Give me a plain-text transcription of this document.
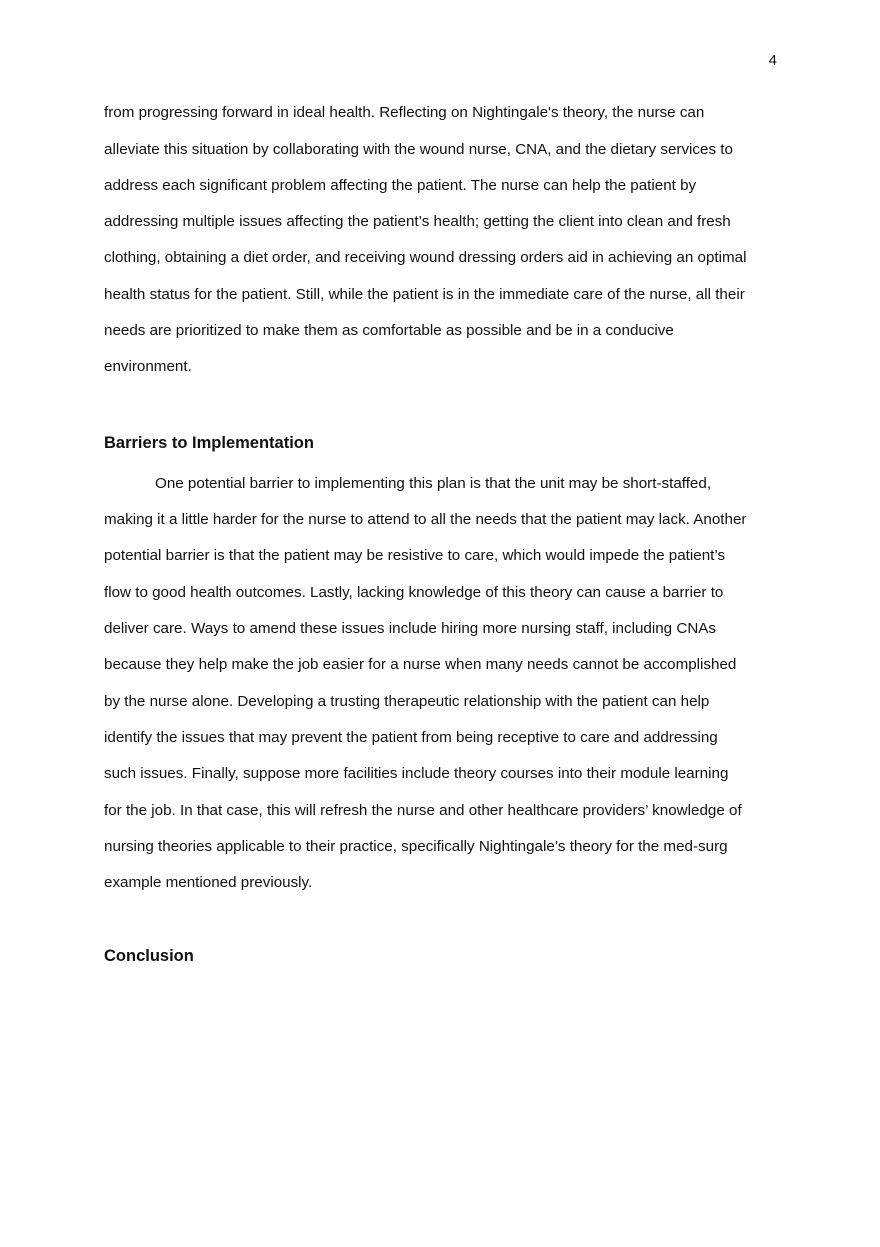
4
from progressing forward in ideal health. Reflecting on Nightingale's theory, the nurse can
alleviate this situation by collaborating with the wound nurse, CNA, and the dietary services to
address each significant problem affecting the patient. The nurse can help the patient by
addressing multiple issues affecting the patient’s health; getting the client into clean and fresh
clothing, obtaining a diet order, and receiving wound dressing orders aid in achieving an optimal
health status for the patient. Still, while the patient is in the immediate care of the nurse, all their
needs are prioritized to make them as comfortable as possible and be in a conducive
environment.
Barriers to Implementation
One potential barrier to implementing this plan is that the unit may be short-staffed,
making it a little harder for the nurse to attend to all the needs that the patient may lack. Another
potential barrier is that the patient may be resistive to care, which would impede the patient’s
flow to good health outcomes. Lastly, lacking knowledge of this theory can cause a barrier to
deliver care. Ways to amend these issues include hiring more nursing staff, including CNAs
because they help make the job easier for a nurse when many needs cannot be accomplished
by the nurse alone. Developing a trusting therapeutic relationship with the patient can help
identify the issues that may prevent the patient from being receptive to care and addressing
such issues. Finally, suppose more facilities include theory courses into their module learning
for the job. In that case, this will refresh the nurse and other healthcare providers’ knowledge of
nursing theories applicable to their practice, specifically Nightingale’s theory for the med-surg
example mentioned previously.
Conclusion
